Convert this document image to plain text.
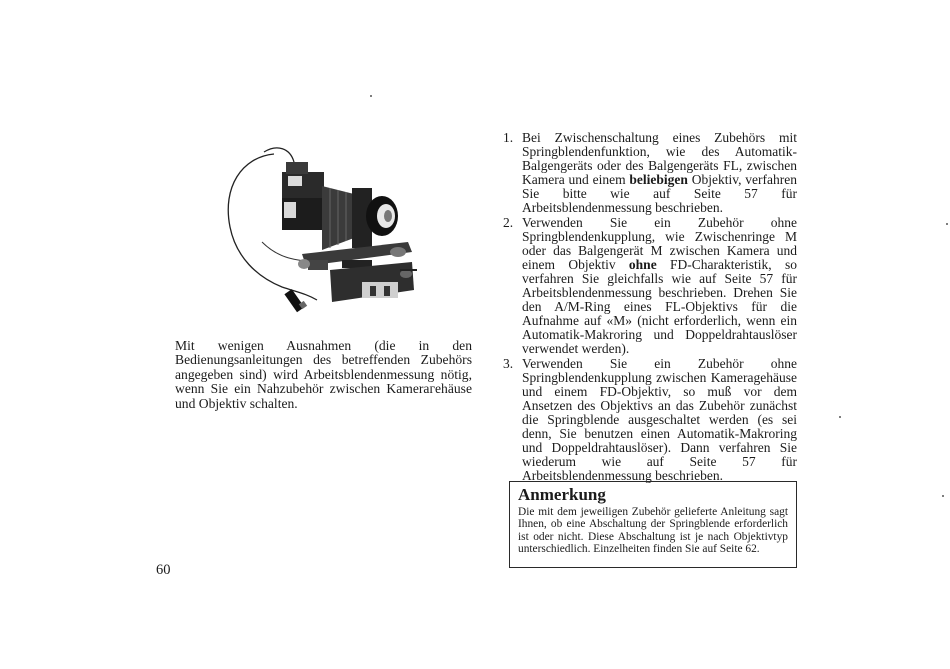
Mit wenigen Ausnahmen (die in den Bedienungsanleitungen des betreffenden Zubehörs angegeben sind) wird Arbeitsblendenmessung nötig, wenn Sie ein Nahzubehör zwischen Kamerагehäuse und Objektiv schalten.

1. Bei Zwischenschaltung eines Zubehörs mit Springblendenfunktion, wie des Automatik-Balgengeräts oder des Balgengeräts FL, zwischen Kamera und einem beliebigen Objektiv, verfahren Sie bitte wie auf Seite 57 für Arbeitsblendenmessung beschrieben.
2. Verwenden Sie ein Zubehör ohne Springblendenkupplung, wie Zwischenringe M oder das Balgengerät M zwischen Kamera und einem Objektiv ohne FD-Charakteristik, so verfahren Sie gleichfalls wie auf Seite 57 für Arbeitsblendenmessung beschrieben. Drehen Sie den A/M-Ring eines FL-Objektivs für die Aufnahme auf «M» (nicht erforderlich, wenn ein Automatik-Makroring und Doppeldrahtauslöser verwendet werden).
3. Verwenden Sie ein Zubehör ohne Springblendenkupplung zwischen Kameragehäuse und einem FD-Objektiv, so muß vor dem Ansetzen des Objektivs an das Zubehör zunächst die Springblende ausgeschaltet werden (es sei denn, Sie benutzen einen Automatik-Makroring und Doppeldrahtauslöser). Dann verfahren Sie wiederum wie auf Seite 57 für Arbeitsblendenmessung beschrieben.
Anmerkung

Die mit dem jeweiligen Zubehör gelieferte Anleitung sagt Ihnen, ob eine Abschaltung der Springblende erforderlich ist oder nicht. Diese Abschaltung ist je nach Objektivtyp unterschiedlich. Einzelheiten finden Sie auf Seite 62.

60
